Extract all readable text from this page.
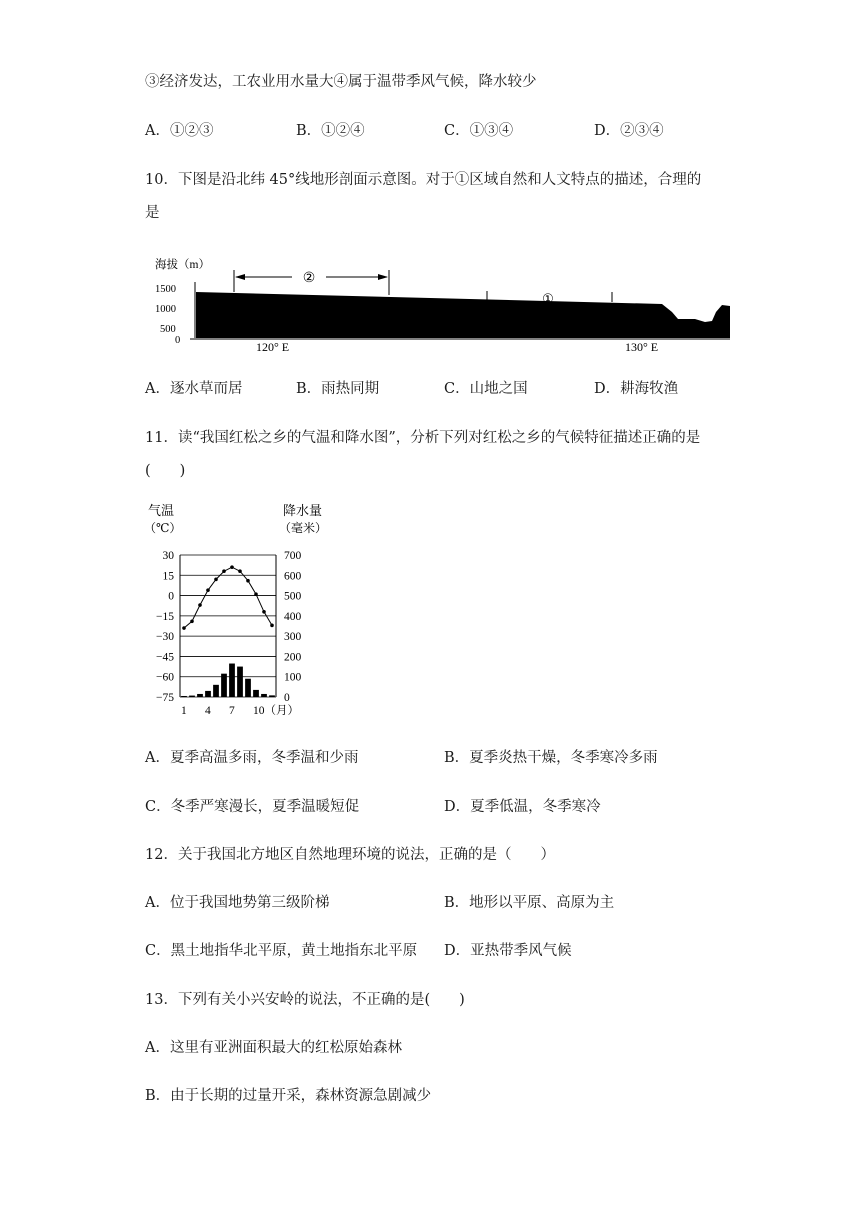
③经济发达，工农业用水量大④属于温带季风气候，降水较少
A．①②③	B．①②④	C．①③④	D．②③④
10．下图是沿北纬 45°线地形剖面示意图。对于①区域自然和人文特点的描述，合理的
是
海拔（m）
1500
1000
500
0
②
①
120° E	130° E
A．逐水草而居	B．雨热同期	C．山地之国	D．耕海牧渔
11．读“我国红松之乡的气温和降水图”，分析下列对红松之乡的气候特征描述正确的是
(　　)
气温
（℃）
降水量
（毫米）
30
15
0
−15
−30
−45
−60
−75
700
600
500
400
300
200
100
0
1 4 7 10（月）
A．夏季高温多雨，冬季温和少雨	B．夏季炎热干燥，冬季寒冷多雨
C．冬季严寒漫长，夏季温暖短促	D．夏季低温，冬季寒冷
12．关于我国北方地区自然地理环境的说法，正确的是（　　）
A．位于我国地势第三级阶梯	B．地形以平原、高原为主
C．黑土地指华北平原，黄土地指东北平原 D．亚热带季风气候
13．下列有关小兴安岭的说法，不正确的是(　　)
A．这里有亚洲面积最大的红松原始森林
B．由于长期的过量开采，森林资源急剧减少
